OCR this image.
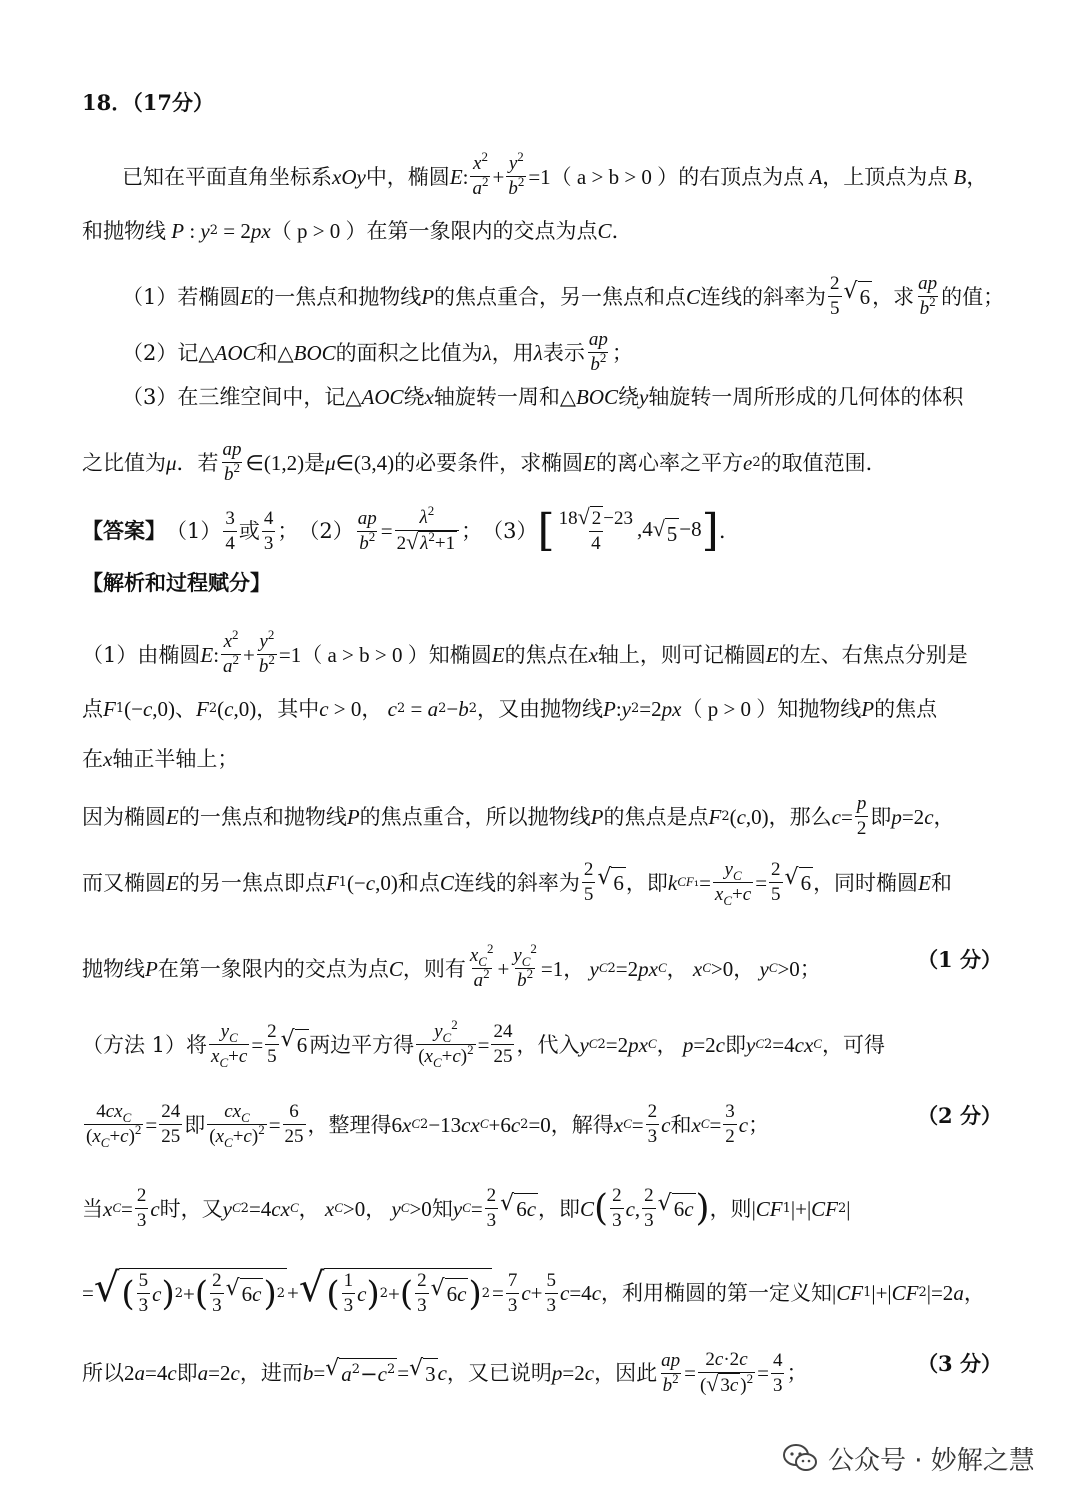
18．（17分）
已知在平面直角坐标系 xOy 中，椭圆 E : $\frac{x^2}{a^2} + \frac{y^2}{b^2} =1$ （ a > b > 0 ） 的右顶点为点 A ，上顶点为点 B ，
和抛物线 P : y 2 = 2 px （ p > 0 ） 在第一象限内的交点为点 C ．
（1）若椭圆 E 的一焦点和抛物线 P 的焦点重合，另一焦点和点 C 连线的斜率为 $\frac{2}{5}$ √ 6 ，求 $\frac{ap}{b^2}$ 的值；
（2）记△ AOC 和△ BOC 的面积之比值为 λ ，用 λ 表示 $\frac{ap}{b^2}$ ；
（3）在三维空间中，记△ AOC 绕 x 轴旋转一周和△ BOC 绕 y 轴旋转一周所形成的几何体的体积
之比值为 μ ．若 $\frac{ap}{b^2}$ ∈(1,2) 是 μ ∈(3,4) 的必要条件，求椭圆 E 的离心率之平方 e 2 的取值范围．
【答案】 $(1) \frac{3}{4}$ 或 $\frac{4}{3}$ ； $(2) \frac{ap}{b^2} = \frac{\lambda^2}{2 √ \lambda^2+1}$ ； （3） [ $\frac{18 √ 2 -23}{4} ,4$ √ 5 −8 ] .
【解析和过程赋分】
（1）由椭圆 E : $\frac{x^2}{a^2} + \frac{y^2}{b^2} =1$ （ a > b > 0 ） 知椭圆 E 的焦点在 x 轴上，则可记椭圆 E 的左、右焦点分别是
点 F 1 (− c ,0) 、 F 2 ( c ,0) ，其中 c > 0， c 2 = a 2 − b 2 ，又由抛物线 P : y 2 =2 px （ p > 0 ） 知抛物线 P 的焦点
在 x 轴正半轴上；
因为椭圆 E 的一焦点和抛物线 P 的焦点重合，所以抛物线 P 的焦点是点 F 2 ( c ,0) ，那么 $c = \frac{p}{2}$ 即 p =2 c ，
而又椭圆 E 的另一焦点即点 F 1 (− c ,0) 和点 C 连线的斜率为 $\frac{2}{5}$ √ 6 ，即 k $CF_1 = \frac{y_C}{x_C+c} = \frac{2}{5}$ √ 6 ，同时椭圆 E 和
抛物线 P 在第一象限内的交点为点 C ，则有 $\frac{x_C^2}{a^2} + \frac{y_C^2}{b^2} =1$， y C 2 =2 px C ， x C >0， y C >0；	（1 分）
（方法 1）将 $\frac{y_C}{x_C+c} = \frac{2}{5}$ √ 6 两边平方得 $\frac{y_C^2}{(x_C+c)^2} = \frac{24}{25}$ ，代入 y C 2 =2 px C ， p =2 c 即 y C 2 =4 cx C ，可得
$\frac{4cx_C}{(x_C+c)^2} = \frac{24}{25}$ 即 $\frac{cx_C}{(x_C+c)^2} = \frac{6}{25}$ ，整理得 6 x C 2 −13 cx C +6 c 2 =0 ，解得 x $C = \frac{2}{3}$ c 和 x $C = \frac{3}{2}$ c ；	（2 分）
当 x $C = \frac{2}{3}$ c 时，又 y C 2 =4 cx C ， x C >0， y C >0 知 y $C = \frac{2}{3}$ √ 6c ，即 C ( $\frac{2}{3}$ c , $\frac{2}{3}$ √ 6c ) ，则 | CF 1 |+| CF 2 |
= √ ( $\frac{5}{3}$ c ) 2 + ( $\frac{2}{3}$ √ 6c ) 2 + √ ( $\frac{1}{3}$ c ) 2 + ( $\frac{2}{3}$ √ 6c ) $2 = \frac{7}{3}$ $c + \frac{5}{3}$ c =4 c ，利用椭圆的第一定义知 | CF 1 |+| CF 2 |=2 a ，
所以 2 a =4 c 即 a =2 c ，进而 b = √ $a^2-c^2$ = √ 3 c ，又已说明 p =2 c ，因此 $\frac{ap}{b^2} = \frac{2c\cdot 2c}{( √ 3c )^2} = \frac{4}{3}$ ；	（3 分）
公众号 · 妙解之慧
